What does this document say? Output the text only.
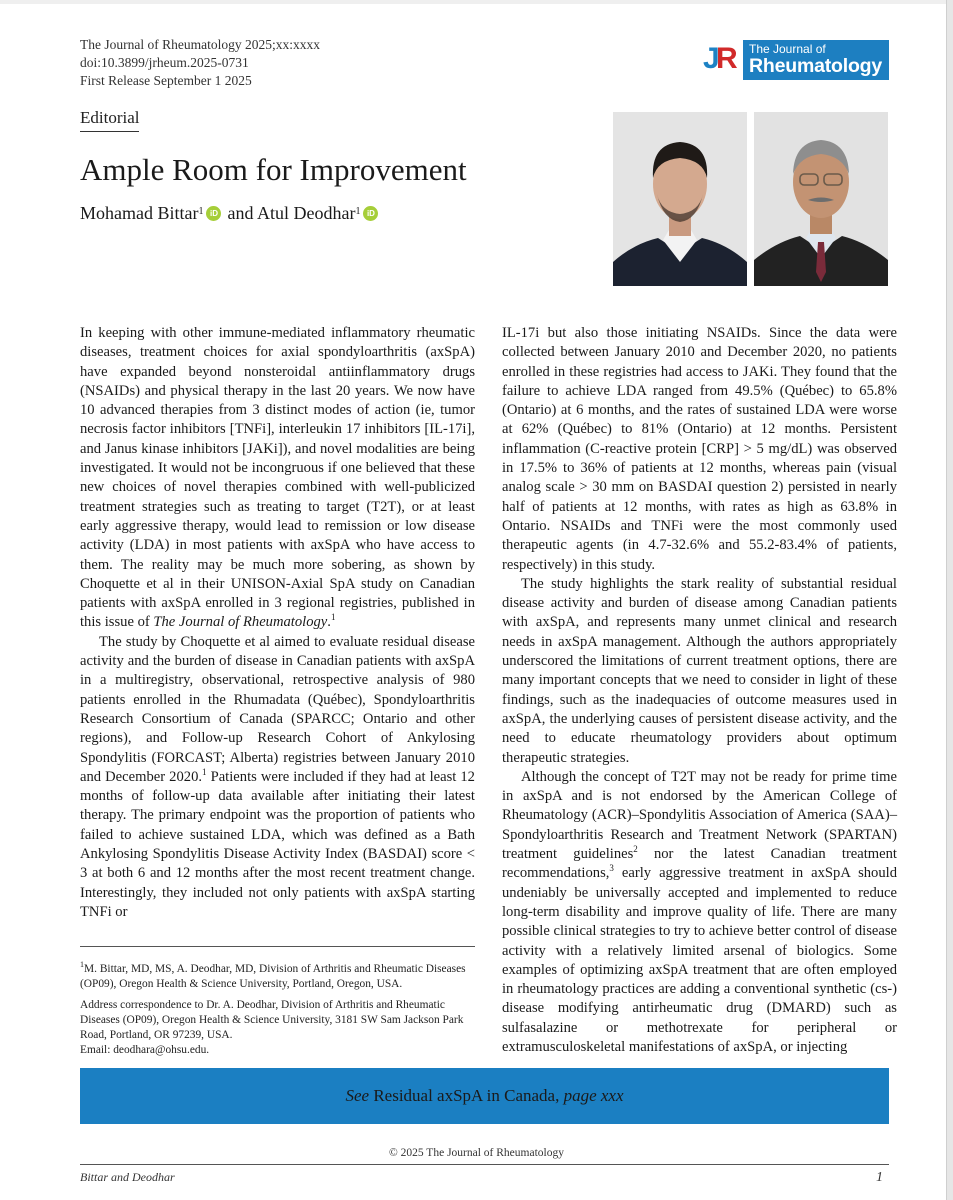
The Journal of Rheumatology 2025;xx:xxxx
doi:10.3899/jrheum.2025-0731
First Release September 1 2025
J
R The Journal of
Rheumatology
Editorial
Ample Room for Improvement
Mohamad Bittar$^1$ iD and Atul Deodhar$^1$ iD

In keeping with other immune-mediated inflammatory rheumatic diseases, treatment choices for axial spondyloarthritis (axSpA) have expanded beyond nonsteroidal antiinflammatory drugs (NSAIDs) and physical therapy in the last 20 years. We now have 10 advanced therapies from 3 distinct modes of action (ie, tumor necrosis factor inhibitors [TNFi], interleukin 17 inhibitors [IL-17i], and Janus kinase inhibitors [JAKi]), and novel modalities are being investigated. It would not be incongruous if one believed that these new choices of novel therapies combined with well-publicized treatment strategies such as treating to target (T2T), or at least early aggressive therapy, would lead to remission or low disease activity (LDA) in most patients with axSpA who have access to them. The reality may be much more sobering, as shown by Choquette et al in their UNISON-Axial SpA study on Canadian patients with axSpA enrolled in 3 regional registries, published in this issue of The Journal of Rheumatology.$^1$

The study by Choquette et al aimed to evaluate residual disease activity and the burden of disease in Canadian patients with axSpA in a multiregistry, observational, retrospective analysis of 980 patients enrolled in the Rhumadata (Québec), Spondyloarthritis Research Consortium of Canada (SPARCC; Ontario and other regions), and Follow-up Research Cohort of Ankylosing Spondylitis (FORCAST; Alberta) registries between January 2010 and December 2020.$^1$ Patients were included if they had at least 12 months of follow-up data available after initiating their latest therapy. The primary endpoint was the proportion of patients who failed to achieve sustained LDA, which was defined as a Bath Ankylosing Spondylitis Disease Activity Index (BASDAI) score < 3 at both 6 and 12 months after the most recent treatment change. Interestingly, they included not only patients with axSpA starting TNFi or

IL-17i but also those initiating NSAIDs. Since the data were collected between January 2010 and December 2020, no patients enrolled in these registries had access to JAKi. They found that the failure to achieve LDA ranged from 49.5% (Québec) to 65.8% (Ontario) at 6 months, and the rates of sustained LDA were worse at 62% (Québec) to 81% (Ontario) at 12 months. Persistent inflammation (C-reactive protein [CRP] > 5 mg/dL) was observed in 17.5% to 36% of patients at 12 months, whereas pain (visual analog scale > 30 mm on BASDAI question 2) persisted in nearly half of patients at 12 months, with rates as high as 63.8% in Ontario. NSAIDs and TNFi were the most commonly used therapeutic agents (in 4.7-32.6% and 55.2-83.4% of patients, respectively) in this study.

The study highlights the stark reality of substantial residual disease activity and burden of disease among Canadian patients with axSpA, and represents many unmet clinical and research needs in axSpA management. Although the authors appropriately underscored the limitations of current treatment options, there are many important concepts that we need to consider in light of these findings, such as the inadequacies of outcome measures used in axSpA, the underlying causes of persistent disease activity, and the need to educate rheumatology providers about optimum therapeutic strategies.

Although the concept of T2T may not be ready for prime time in axSpA and is not endorsed by the American College of Rheumatology (ACR)–Spondylitis Association of America (SAA)–Spondyloarthritis Research and Treatment Network (SPARTAN) treatment guidelines$^2$ nor the latest Canadian treatment recommendations,$^3$ early aggressive treatment in axSpA should undeniably be universally accepted and implemented to reduce long-term disability and improve quality of life. There are many possible clinical strategies to try to achieve better control of disease activity with a relatively limited arsenal of biologics. Some examples of optimizing axSpA treatment that are often employed in rheumatology practices are adding a conventional synthetic (cs-) disease modifying antirheumatic drug (DMARD) such as sulfasalazine or methotrexate for peripheral or extramusculoskeletal manifestations of axSpA, or injecting

$^1$M. Bittar, MD, MS, A. Deodhar, MD, Division of Arthritis and Rheumatic Diseases (OP09), Oregon Health & Science University, Portland, Oregon, USA.

Address correspondence to Dr. A. Deodhar, Division of Arthritis and Rheumatic Diseases (OP09), Oregon Health & Science University, 3181 SW Sam Jackson Park Road, Portland, OR 97239, USA.
Email: deodhara@ohsu.edu.

See Residual axSpA in Canada, page xxx
© 2025 The Journal of Rheumatology
Bittar and Deodhar	1
